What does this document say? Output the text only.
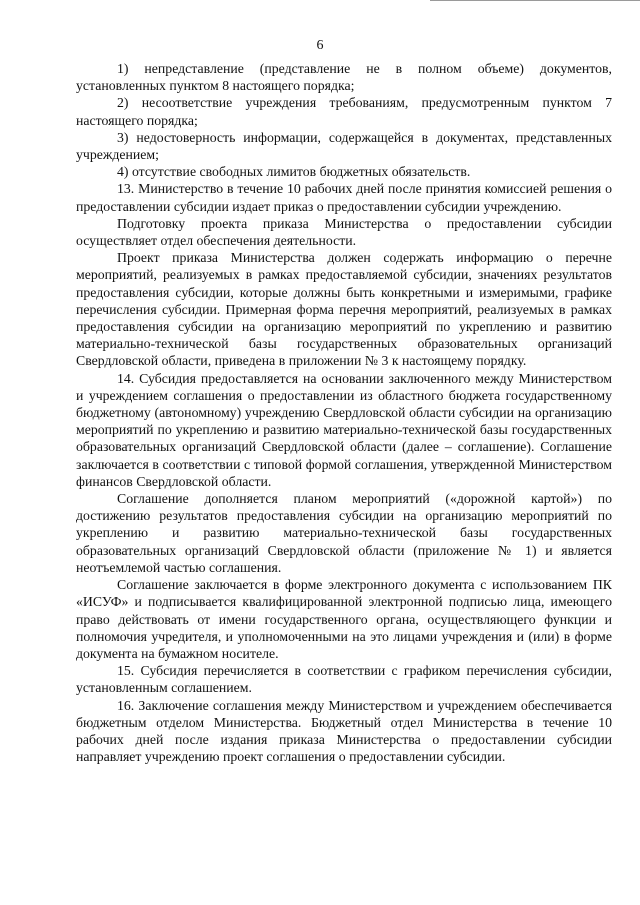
6

1) непредставление (представление не в полном объеме) документов, установленных пунктом 8 настоящего порядка;

2) несоответствие учреждения требованиям, предусмотренным пунктом 7 настоящего порядка;

3) недостоверность информации, содержащейся в документах, представленных учреждением;

4) отсутствие свободных лимитов бюджетных обязательств.

13. Министерство в течение 10 рабочих дней после принятия комиссией решения о предоставлении субсидии издает приказ о предоставлении субсидии учреждению.

Подготовку проекта приказа Министерства о предоставлении субсидии осуществляет отдел обеспечения деятельности.

Проект приказа Министерства должен содержать информацию о перечне мероприятий, реализуемых в рамках предоставляемой субсидии, значениях результатов предоставления субсидии, которые должны быть конкретными и измеримыми, графике перечисления субсидии. Примерная форма перечня мероприятий, реализуемых в рамках предоставления субсидии на организацию мероприятий по укреплению и развитию материально-технической базы государственных образовательных организаций Свердловской области, приведена в приложении № 3 к настоящему порядку.

14. Субсидия предоставляется на основании заключенного между Министерством и учреждением соглашения о предоставлении из областного бюджета государственному бюджетному (автономному) учреждению Свердловской области субсидии на организацию мероприятий по укреплению и развитию материально-технической базы государственных образовательных организаций Свердловской области (далее – соглашение). Соглашение заключается в соответствии с типовой формой соглашения, утвержденной Министерством финансов Свердловской области.

Соглашение дополняется планом мероприятий («дорожной картой») по достижению результатов предоставления субсидии на организацию мероприятий по укреплению и развитию материально-технической базы государственных образовательных организаций Свердловской области (приложение № 1) и является неотъемлемой частью соглашения.

Соглашение заключается в форме электронного документа с использованием ПК «ИСУФ» и подписывается квалифицированной электронной подписью лица, имеющего право действовать от имени государственного органа, осуществляющего функции и полномочия учредителя, и уполномоченными на это лицами учреждения и (или) в форме документа на бумажном носителе.

15. Субсидия перечисляется в соответствии с графиком перечисления субсидии, установленным соглашением.

16. Заключение соглашения между Министерством и учреждением обеспечивается бюджетным отделом Министерства. Бюджетный отдел Министерства в течение 10 рабочих дней после издания приказа Министерства о предоставлении субсидии направляет учреждению проект соглашения о предоставлении субсидии.
